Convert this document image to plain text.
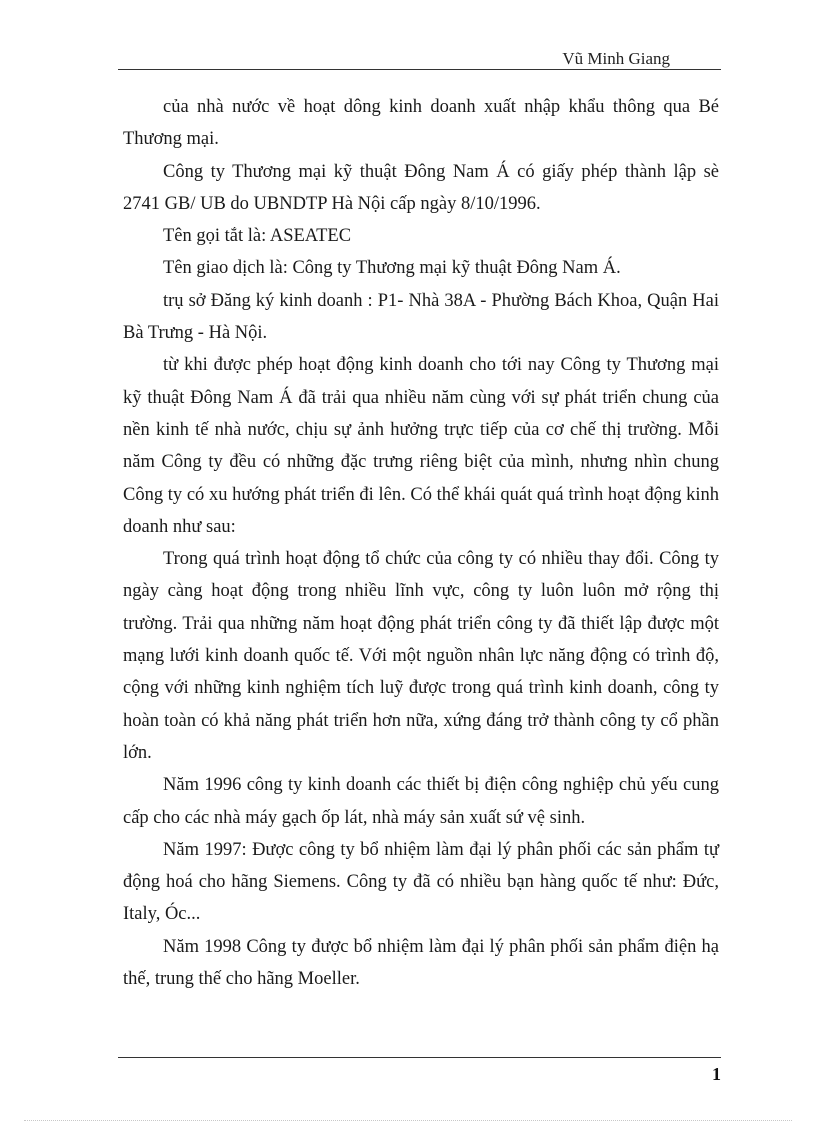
Vũ Minh Giang

của nhà nước về hoạt dông kinh doanh xuất nhập khẩu thông qua Bé Thương mại.

Công ty Thương mại kỹ thuật Đông Nam Á có giấy phép thành lập sè 2741 GB/ UB do UBNDTP Hà Nội cấp ngày 8/10/1996.

Tên gọi tắt là: ASEATEC

Tên giao dịch là: Công ty Thương mại kỹ thuật Đông Nam Á.

trụ sở Đăng ký kinh doanh : P1- Nhà 38A - Phường Bách Khoa, Quận Hai Bà Trưng - Hà Nội.

từ khi được phép hoạt động kinh doanh cho tới nay Công ty Thương mại kỹ thuật Đông Nam Á đã trải qua nhiều năm cùng với sự phát triển chung của nền kinh tế nhà nước, chịu sự ảnh hưởng trực tiếp của cơ chế thị trường. Mỗi năm Công ty đều có những đặc trưng riêng biệt của mình, nhưng nhìn chung Công ty có xu hướng phát triển đi lên. Có thể khái quát quá trình hoạt động kinh doanh như sau:

Trong quá trình hoạt động tổ chức của công ty có nhiều thay đổi. Công ty ngày càng hoạt động trong nhiều lĩnh vực, công ty luôn luôn mở rộng thị trường. Trải qua những năm hoạt động phát triển công ty đã thiết lập được một mạng lưới kinh doanh quốc tế. Với một nguồn nhân lực năng động có trình độ, cộng với những kinh nghiệm tích luỹ được trong quá trình kinh doanh, công ty hoàn toàn có khả năng phát triển hơn nữa, xứng đáng trở thành công ty cổ phần lớn.

Năm 1996 công ty kinh doanh các thiết bị điện công nghiệp chủ yếu cung cấp cho các nhà máy gạch ốp lát, nhà máy sản xuất sứ vệ sinh.

Năm 1997: Được công ty bổ nhiệm làm đại lý phân phối các sản phẩm tự động hoá cho hãng Siemens. Công ty đã có nhiều bạn hàng quốc tế như: Đức, Italy, Óc...

Năm 1998 Công ty được bổ nhiệm làm đại lý phân phối sản phẩm điện hạ thế, trung thế cho hãng Moeller.

1
